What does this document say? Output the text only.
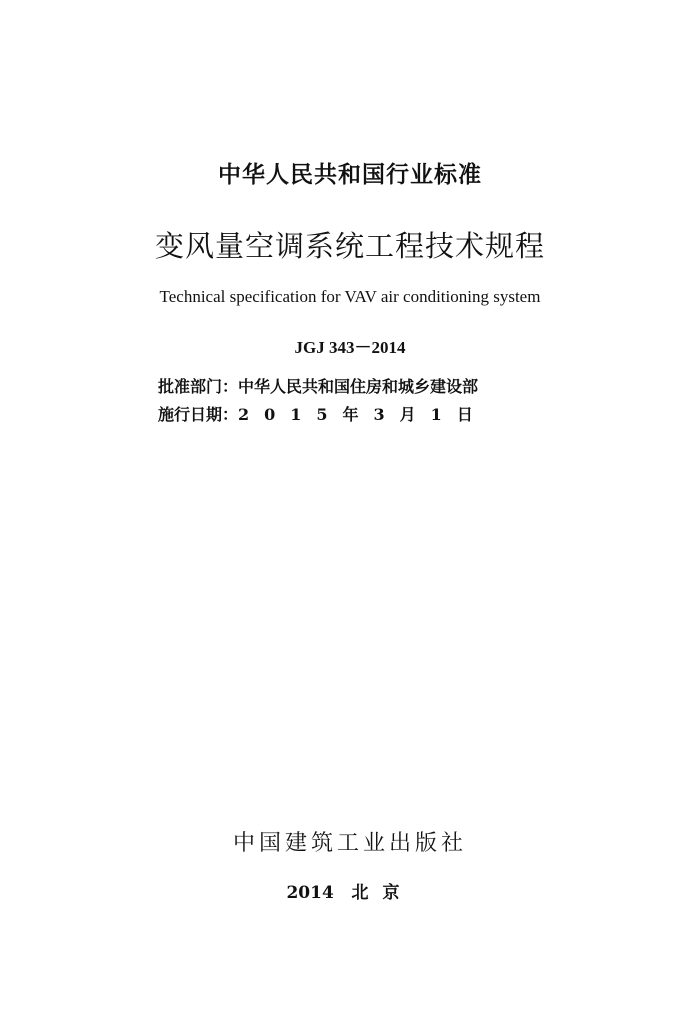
中华人民共和国行业标准
变风量空调系统工程技术规程
Technical specification for VAV air conditioning system
JGJ 343－2014
批准部门：中华人民共和国住房和城乡建设部
施行日期：2015年3月1日
中国建筑工业出版社
2014 北京
